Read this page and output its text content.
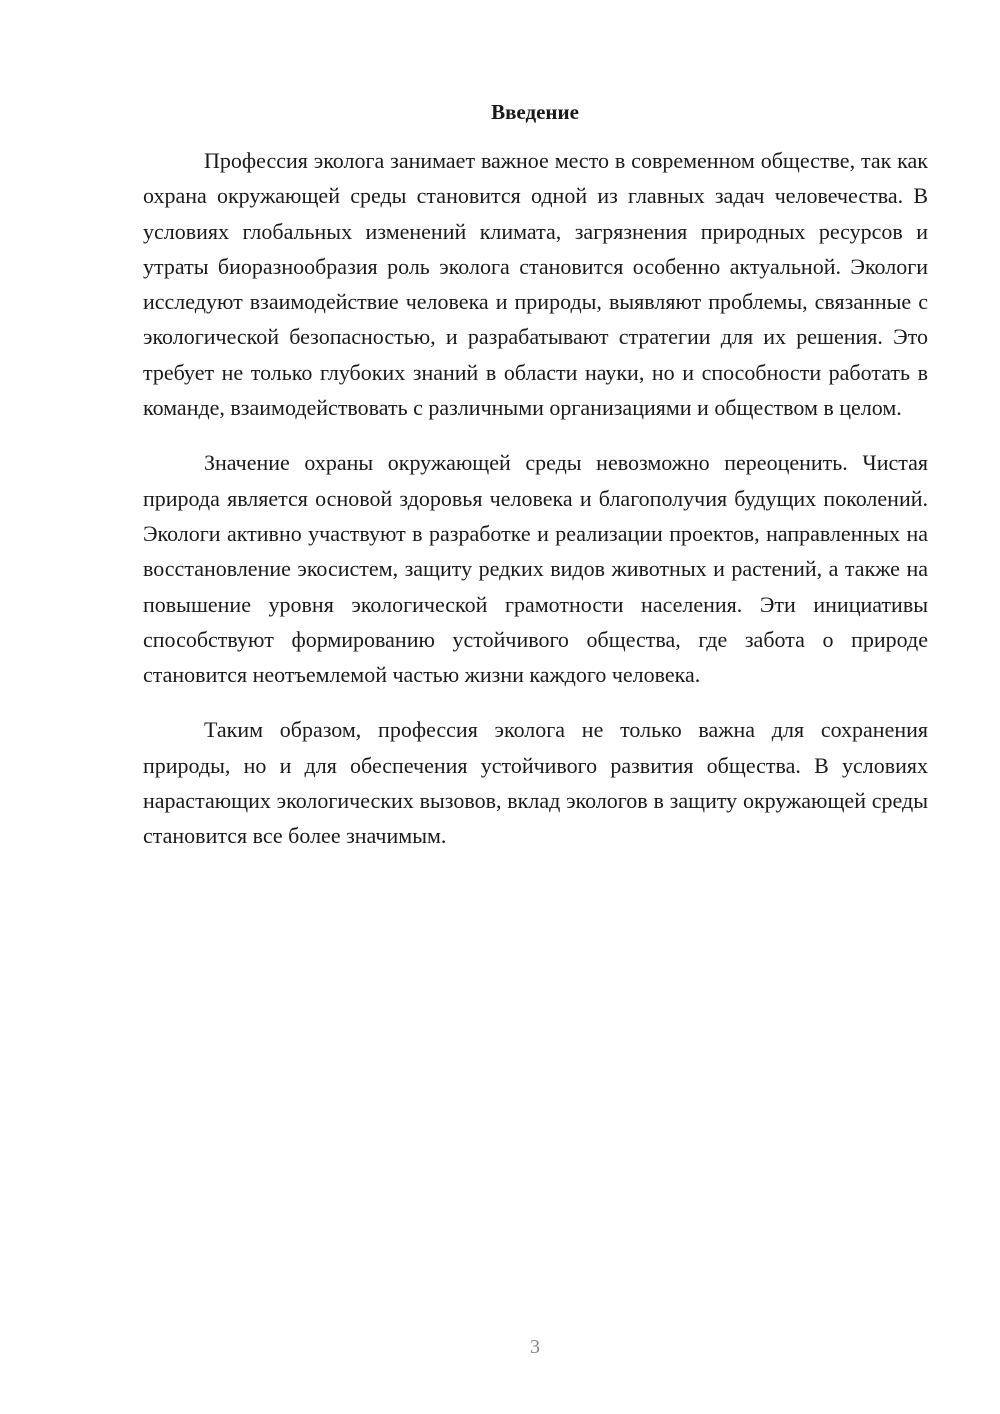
Введение

Профессия эколога занимает важное место в современном обществе, так как охрана окружающей среды становится одной из главных задач человечества. В условиях глобальных изменений климата, загрязнения природных ресурсов и утраты биоразнообразия роль эколога становится особенно актуальной. Экологи исследуют взаимодействие человека и природы, выявляют проблемы, связанные с экологической безопасностью, и разрабатывают стратегии для их решения. Это требует не только глубоких знаний в области науки, но и способности работать в команде, взаимодействовать с различными организациями и обществом в целом.

Значение охраны окружающей среды невозможно переоценить. Чистая природа является основой здоровья человека и благополучия будущих поколений. Экологи активно участвуют в разработке и реализации проектов, направленных на восстановление экосистем, защиту редких видов животных и растений, а также на повышение уровня экологической грамотности населения. Эти инициативы способствуют формированию устойчивого общества, где забота о природе становится неотъемлемой частью жизни каждого человека.

Таким образом, профессия эколога не только важна для сохранения природы, но и для обеспечения устойчивого развития общества. В условиях нарастающих экологических вызовов, вклад экологов в защиту окружающей среды становится все более значимым.

3
